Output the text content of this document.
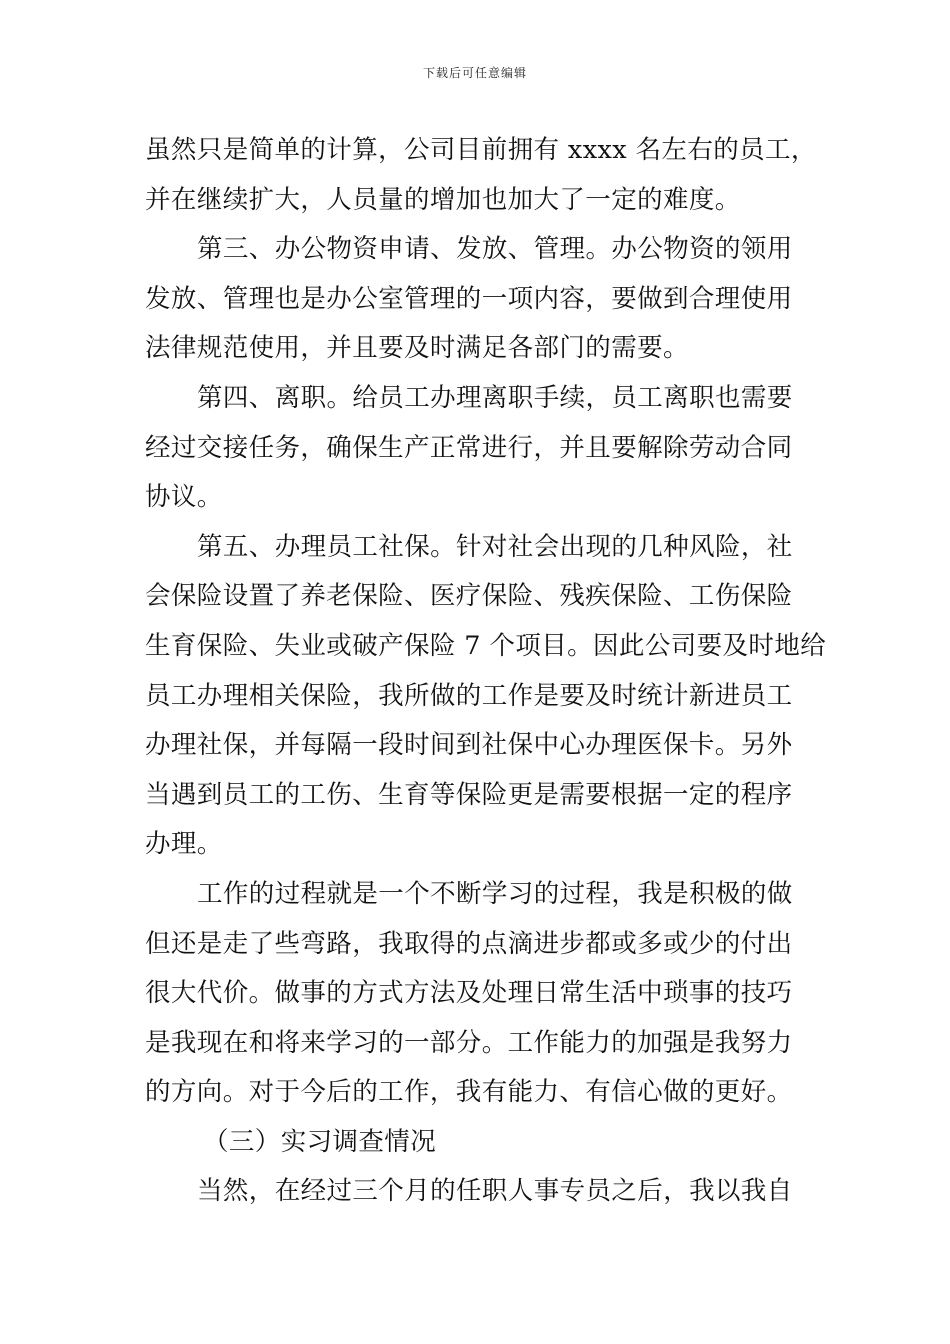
下载后可任意编辑
虽然只是简单的计算，公司目前拥有 xxxx 名左右的员工，
并在继续扩大，人员量的增加也加大了一定的难度。
第三、办公物资申请、发放、管理。办公物资的领用
发放、管理也是办公室管理的一项内容，要做到合理使用
法律规范使用，并且要及时满足各部门的需要。
第四、离职。给员工办理离职手续，员工离职也需要
经过交接任务，确保生产正常进行，并且要解除劳动合同
协议。
第五、办理员工社保。针对社会出现的几种风险，社
会保险设置了养老保险、医疗保险、残疾保险、工伤保险
生育保险、失业或破产保险 7 个项目。因此公司要及时地给
员工办理相关保险，我所做的工作是要及时统计新进员工
办理社保，并每隔一段时间到社保中心办理医保卡。另外
当遇到员工的工伤、生育等保险更是需要根据一定的程序
办理。
工作的过程就是一个不断学习的过程，我是积极的做
但还是走了些弯路，我取得的点滴进步都或多或少的付出
很大代价。做事的方式方法及处理日常生活中琐事的技巧
是我现在和将来学习的一部分。工作能力的加强是我努力
的方向。对于今后的工作，我有能力、有信心做的更好。
（三）实习调查情况
当然，在经过三个月的任职人事专员之后，我以我自
